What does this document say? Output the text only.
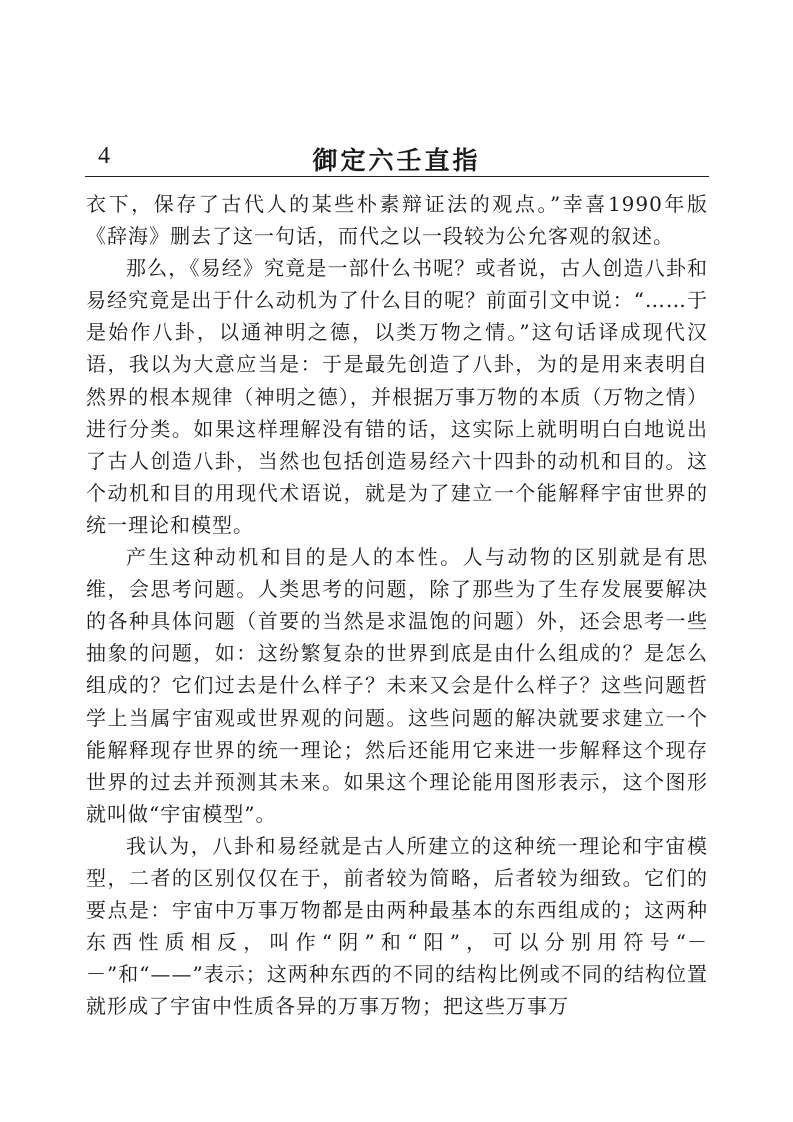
4	御定六壬直指

衣下，保存了古代人的某些朴素辩证法的观点。”幸喜1990年版《辞海》删去了这一句话，而代之以一段较为公允客观的叙述。

那么，《易经》究竟是一部什么书呢？或者说，古人创造八卦和易经究竟是出于什么动机为了什么目的呢？前面引文中说：“……于是始作八卦，以通神明之德，以类万物之情。”这句话译成现代汉语，我以为大意应当是：于是最先创造了八卦，为的是用来表明自然界的根本规律（神明之德），并根据万事万物的本质（万物之情）进行分类。如果这样理解没有错的话，这实际上就明明白白地说出了古人创造八卦，当然也包括创造易经六十四卦的动机和目的。这个动机和目的用现代术语说，就是为了建立一个能解释宇宙世界的统一理论和模型。

产生这种动机和目的是人的本性。人与动物的区别就是有思维，会思考问题。人类思考的问题，除了那些为了生存发展要解决的各种具体问题（首要的当然是求温饱的问题）外，还会思考一些抽象的问题，如：这纷繁复杂的世界到底是由什么组成的？是怎么组成的？它们过去是什么样子？未来又会是什么样子？这些问题哲学上当属宇宙观或世界观的问题。这些问题的解决就要求建立一个能解释现存世界的统一理论；然后还能用它来进一步解释这个现存世界的过去并预测其未来。如果这个理论能用图形表示，这个图形就叫做“宇宙模型”。

我认为，八卦和易经就是古人所建立的这种统一理论和宇宙模型，二者的区别仅仅在于，前者较为简略，后者较为细致。它们的要点是：宇宙中万事万物都是由两种最基本的东西组成的；这两种东西性质相反，叫作“阴”和“阳”，可以分别用符号“－－”和“——”表示；这两种东西的不同的结构比例或不同的结构位置就形成了宇宙中性质各异的万事万物；把这些万事万
